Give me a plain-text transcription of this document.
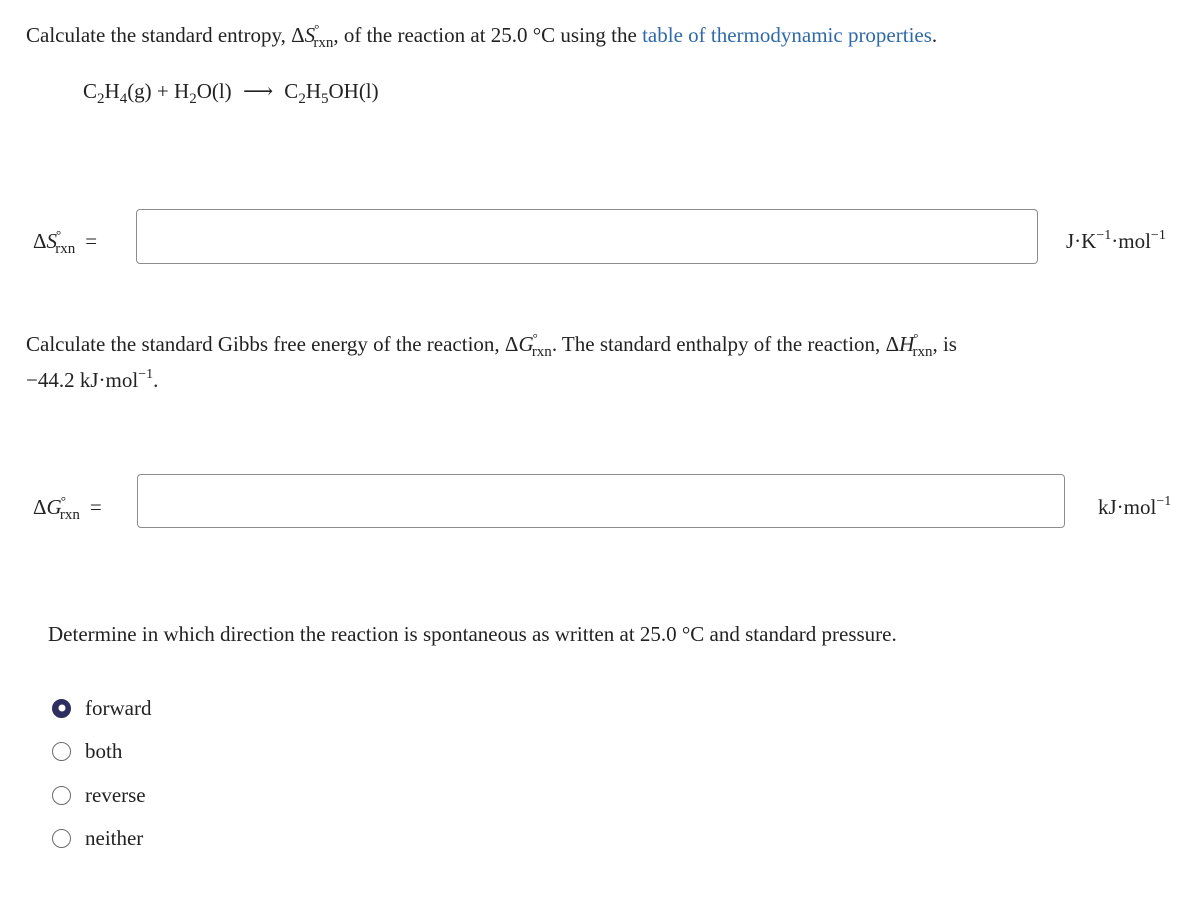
Calculate the standard entropy, $\Delta S^\circ_{rxn}$, of the reaction at 25.0 °C using the table of thermodynamic properties.
$C_2H_4(g) + H_2O(l)$ ⟶ $C_2H_5OH(l)$
$\Delta S^\circ_{rxn}$ =	$J\cdot K^{-1}\cdot mol^{-1}$
Calculate the standard Gibbs free energy of the reaction, $\Delta G^\circ_{rxn}$. The standard enthalpy of the reaction, $\Delta H^\circ_{rxn}$, is
−44.2 kJ·mol$^{-1}$.
$\Delta G^\circ_{rxn}$ =	kJ·mol$^{-1}$
Determine in which direction the reaction is spontaneous as written at 25.0 °C and standard pressure.
forward
both
reverse
neither
